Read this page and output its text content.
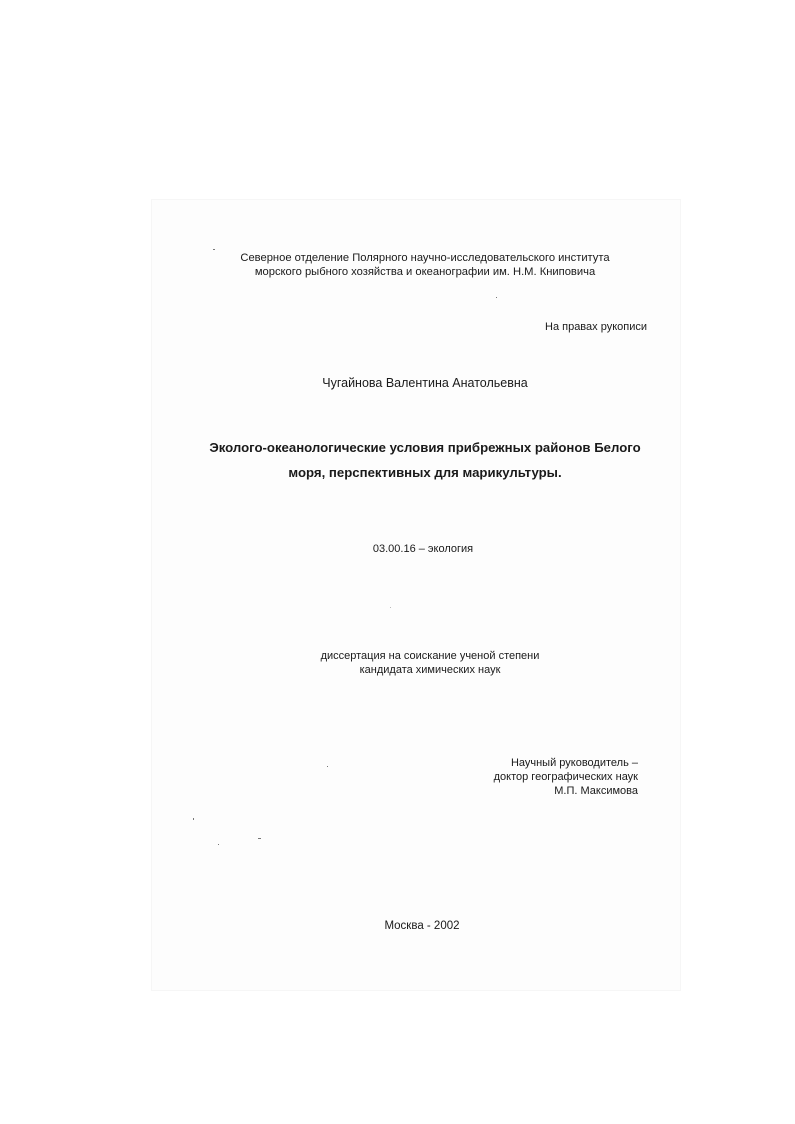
Северное отделение Полярного научно-исследовательского института
морского рыбного хозяйства и океанографии им. Н.М. Книповича
На правах рукописи
Чугайнова Валентина Анатольевна
Эколого-океанологические условия прибрежных районов Белого
моря, перспективных для марикультуры.
03.00.16 – экология
диссертация на соискание ученой степени
кандидата химических наук
Научный руководитель –
доктор географических наук
М.П. Максимова
Москва - 2002
